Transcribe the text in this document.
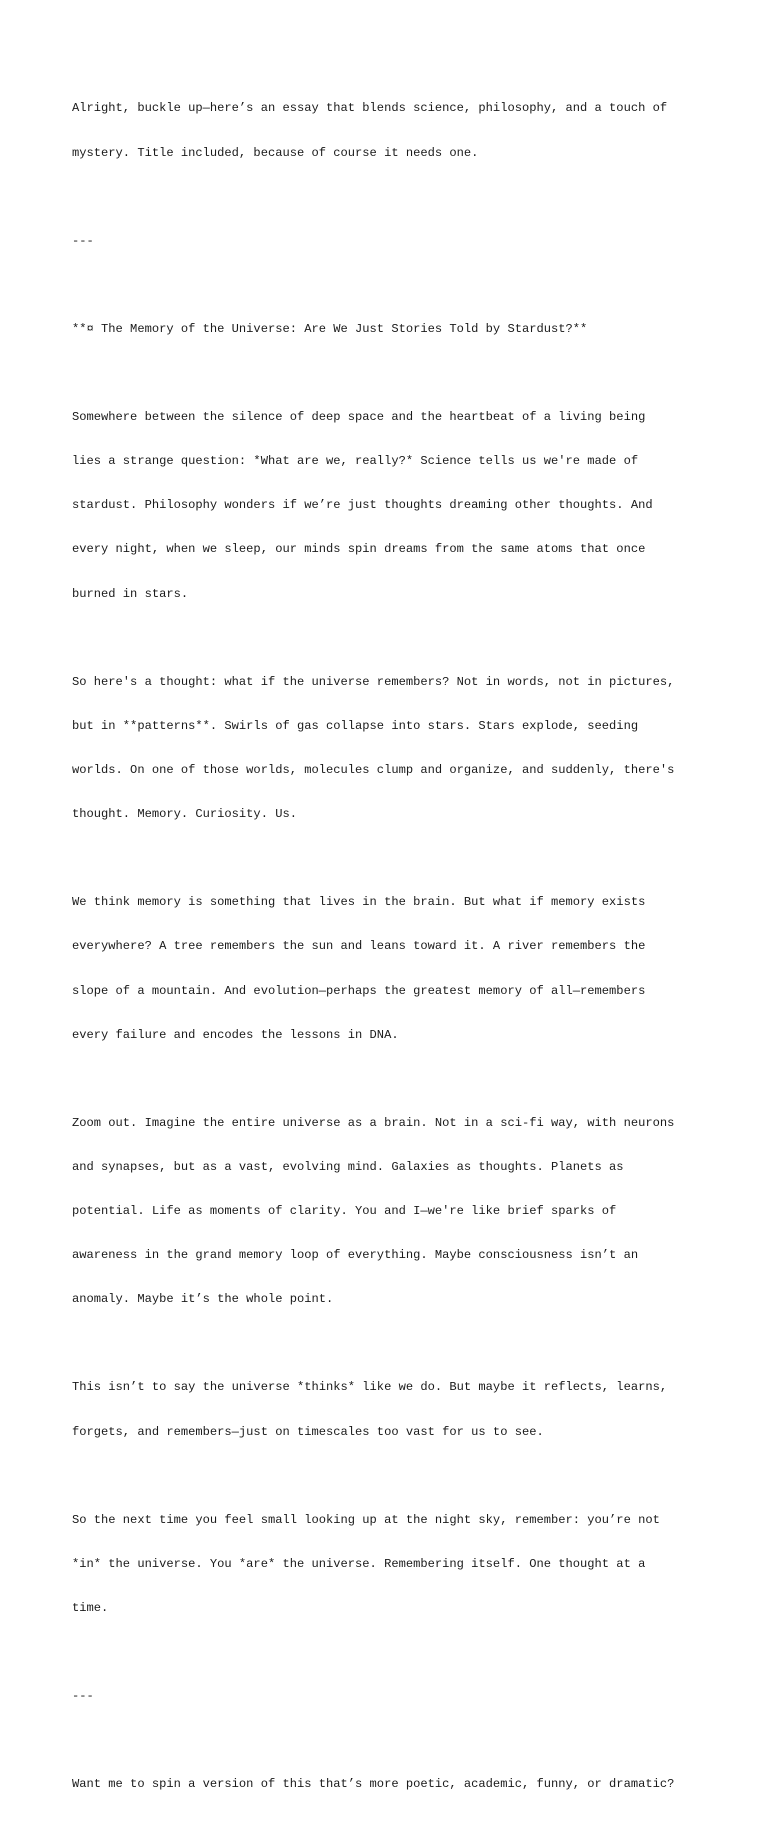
Alright, buckle up—here’s an essay that blends science, philosophy, and a touch of

mystery. Title included, because of course it needs one.

---

**¤ The Memory of the Universe: Are We Just Stories Told by Stardust?**

Somewhere between the silence of deep space and the heartbeat of a living being

lies a strange question: *What are we, really?* Science tells us we're made of

stardust. Philosophy wonders if we’re just thoughts dreaming other thoughts. And

every night, when we sleep, our minds spin dreams from the same atoms that once

burned in stars.

So here's a thought: what if the universe remembers? Not in words, not in pictures,

but in **patterns**. Swirls of gas collapse into stars. Stars explode, seeding

worlds. On one of those worlds, molecules clump and organize, and suddenly, there's

thought. Memory. Curiosity. Us.

We think memory is something that lives in the brain. But what if memory exists

everywhere? A tree remembers the sun and leans toward it. A river remembers the

slope of a mountain. And evolution—perhaps the greatest memory of all—remembers

every failure and encodes the lessons in DNA.

Zoom out. Imagine the entire universe as a brain. Not in a sci-fi way, with neurons

and synapses, but as a vast, evolving mind. Galaxies as thoughts. Planets as

potential. Life as moments of clarity. You and I—we're like brief sparks of

awareness in the grand memory loop of everything. Maybe consciousness isn’t an

anomaly. Maybe it’s the whole point.

This isn’t to say the universe *thinks* like we do. But maybe it reflects, learns,

forgets, and remembers—just on timescales too vast for us to see.

So the next time you feel small looking up at the night sky, remember: you’re not

*in* the universe. You *are* the universe. Remembering itself. One thought at a

time.

---

Want me to spin a version of this that’s more poetic, academic, funny, or dramatic?
